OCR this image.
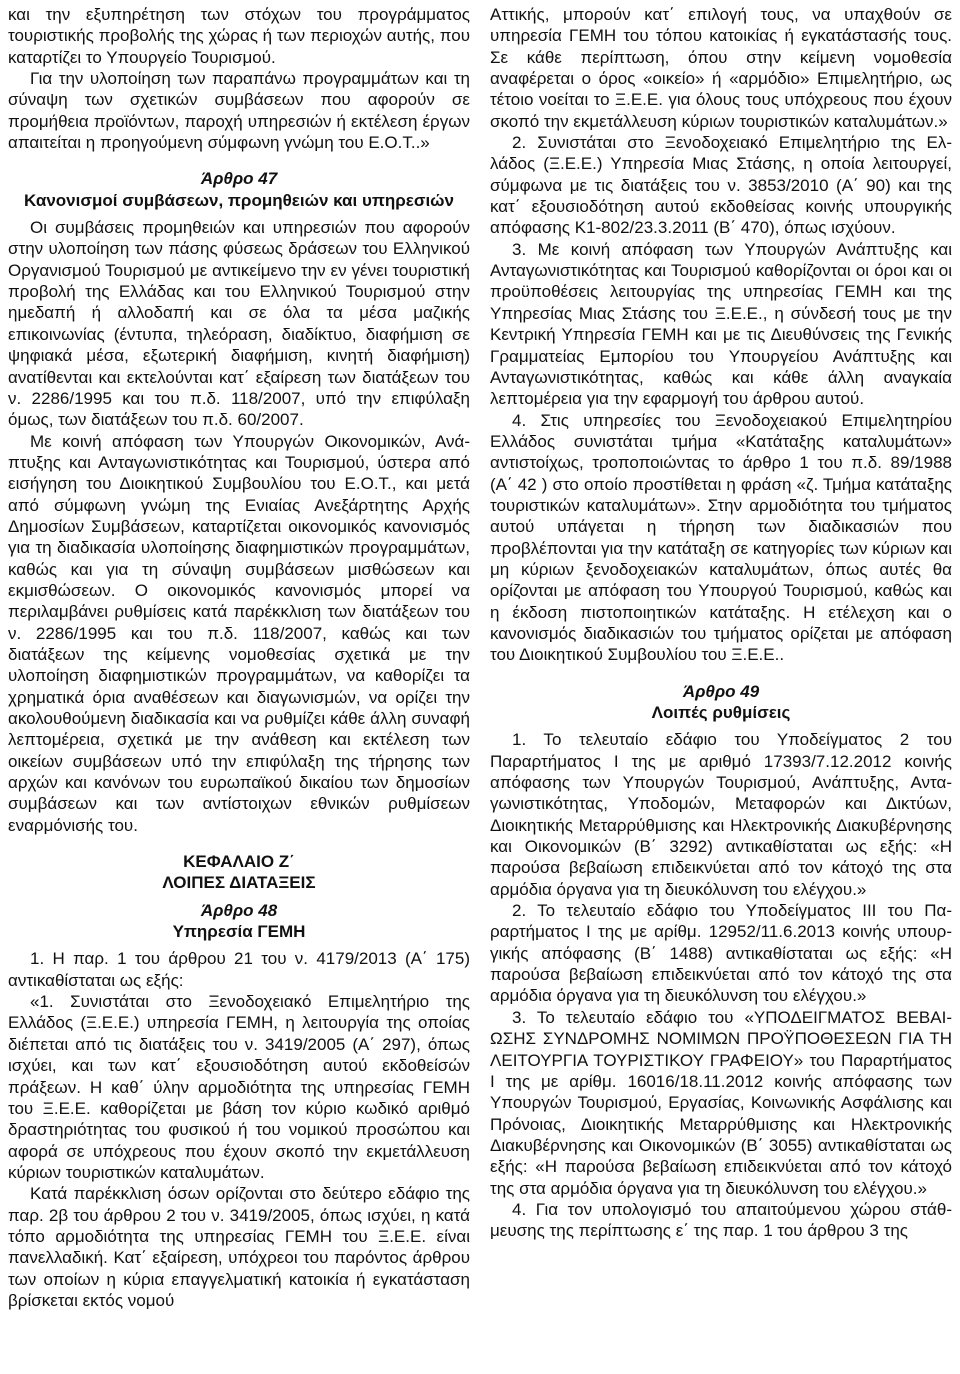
και την εξυπηρέτηση των στόχων του προγράμματος τουριστικής προβολής της χώρας ή των περιοχών αυτής, που καταρτίζει το Υπουργείο Τουρισμού.

Για την υλοποίηση των παραπάνω προγραμμάτων και τη σύναψη των σχετικών συμβάσεων που αφορούν σε προμήθεια προϊόντων, παροχή υπηρεσιών ή εκτέλεση έργων απαιτείται η προηγούμενη σύμφωνη γνώμη του Ε.Ο.Τ..»

Άρθρο 47
Κανονισμοί συμβάσεων, προμηθειών και υπηρεσιών

Οι συμβάσεις προμηθειών και υπηρεσιών που αφορούν στην υλοποίηση των πάσης φύσεως δράσεων του Ελληνικού Οργανισμού Τουρισμού με αντικείμενο την εν γένει τουριστική προβολή της Ελλάδας και του Ελληνικού Τουρισμού στην ημεδαπή ή αλλοδαπή και σε όλα τα μέσα μαζικής επικοινωνίας (έντυπα, τηλεόραση, διαδίκτυο, διαφήμιση σε ψηφιακά μέσα, εξωτερική διαφήμιση, κινητή διαφήμιση) ανατίθενται και εκτελούνται κατ΄ εξαίρεση των διατάξεων του ν. 2286/1995 και του π.δ. 118/2007, υπό την επιφύλαξη όμως, των διατάξεων του π.δ. 60/2007.

Με κοινή απόφαση των Υπουργών Οικονομικών, Ανάπτυξης και Ανταγωνιστικότητας και Τουρισμού, ύστερα από εισήγηση του Διοικητικού Συμβουλίου του Ε.Ο.Τ., και μετά από σύμφωνη γνώμη της Ενιαίας Ανεξάρτητης Αρχής Δημοσίων Συμβάσεων, καταρτίζεται οικονομικός κανονισμός για τη διαδικασία υλοποίησης διαφημιστικών προγραμμάτων, καθώς και για τη σύναψη συμβάσεων μισθώσεων και εκμισθώσεων. Ο οικονομικός κανονισμός μπορεί να περιλαμβάνει ρυθμίσεις κατά παρέκκλιση των διατάξεων του ν. 2286/1995 και του π.δ. 118/2007, καθώς και των διατάξεων της κείμενης νομοθεσίας σχετικά με την υλοποίηση διαφημιστικών προγραμμάτων, να καθορίζει τα χρηματικά όρια αναθέσεων και διαγωνισμών, να ορίζει την ακολουθούμενη διαδικασία και να ρυθμίζει κάθε άλλη συναφή λεπτομέρεια, σχετικά με την ανάθεση και εκτέλεση των οικείων συμβάσεων υπό την επιφύλαξη της τήρησης των αρχών και κανόνων του ευρωπαϊκού δικαίου των δημοσίων συμβάσεων και των αντίστοιχων εθνικών ρυθμίσεων εναρμόνισής του.

ΚΕΦΑΛΑΙΟ Ζ΄
ΛΟΙΠΕΣ ΔΙΑΤΑΞΕΙΣ
Άρθρο 48
Υπηρεσία ΓΕΜΗ

1. Η παρ. 1 του άρθρου 21 του ν. 4179/2013 (Α΄ 175) αντικαθίσταται ως εξής:

«1. Συνιστάται στο Ξενοδοχειακό Επιμελητήριο της Ελλάδος (Ξ.Ε.Ε.) υπηρεσία ΓΕΜΗ, η λειτουργία της οποίας διέπεται από τις διατάξεις του ν. 3419/2005 (Α΄ 297), όπως ισχύει, και των κατ΄ εξουσιοδότηση αυτού εκδοθείσών πράξεων. Η καθ΄ ύλην αρμοδιότητα της υπηρεσίας ΓΕΜΗ του Ξ.Ε.Ε. καθορίζεται με βάση τον κύριο κωδικό αριθμό δραστηριότητας του φυσικού ή του νομικού προσώπου και αφορά σε υπόχρεους που έχουν σκοπό την εκμετάλλευση κύριων τουριστικών καταλυμάτων.

Κατά παρέκκλιση όσων ορίζονται στο δεύτερο εδάφιο της παρ. 2β του άρθρου 2 του ν. 3419/2005, όπως ισχύει, η κατά τόπο αρμοδιότητα της υπηρεσίας ΓΕΜΗ του Ξ.Ε.Ε. είναι πανελλαδική. Κατ΄ εξαίρεση, υπόχρεοι του παρόντος άρθρου των οποίων η κύρια επαγγελματική κατοικία ή εγκατάσταση βρίσκεται εκτός νομού

Αττικής, μπορούν κατ΄ επιλογή τους, να υπαχθούν σε υπηρεσία ΓΕΜΗ του τόπου κατοικίας ή εγκατάστασής τους. Σε κάθε περίπτωση, όπου στην κείμενη νομοθεσία αναφέρεται ο όρος «οικείο» ή «αρμόδιο» Επιμελητήριο, ως τέτοιο νοείται το Ξ.Ε.Ε. για όλους τους υπόχρεους που έχουν σκοπό την εκμετάλλευση κύριων τουριστικών καταλυμάτων.»

2. Συνιστάται στο Ξενοδοχειακό Επιμελητήριο της Ελλάδος (Ξ.Ε.Ε.) Υπηρεσία Μιας Στάσης, η οποία λειτουργεί, σύμφωνα με τις διατάξεις του ν. 3853/2010 (Α΄ 90) και της κατ΄ εξουσιοδότηση αυτού εκδοθείσας κοινής υπουργικής απόφασης Κ1-802/23.3.2011 (Β΄ 470), όπως ισχύουν.

3. Με κοινή απόφαση των Υπουργών Ανάπτυξης και Ανταγωνιστικότητας και Τουρισμού καθορίζονται οι όροι και οι προϋποθέσεις λειτουργίας της υπηρεσίας ΓΕΜΗ και της Υπηρεσίας Μιας Στάσης του Ξ.Ε.Ε., η σύνδεσή τους με την Κεντρική Υπηρεσία ΓΕΜΗ και με τις Διευθύνσεις της Γενικής Γραμματείας Εμπορίου του Υπουργείου Ανάπτυξης και Ανταγωνιστικότητας, καθώς και κάθε άλλη αναγκαία λεπτομέρεια για την εφαρμογή του άρθρου αυτού.

4. Στις υπηρεσίες του Ξενοδοχειακού Επιμελητηρίου Ελλάδος συνιστάται τμήμα «Κατάταξης καταλυμάτων» αντιστοίχως, τροποποιώντας το άρθρο 1 του π.δ. 89/1988 (Α΄ 42 ) στο οποίο προστίθεται η φράση «ζ. Τμήμα κατάταξης τουριστικών καταλυμάτων». Στην αρμοδιότητα του τμήματος αυτού υπάγεται η τήρηση των διαδικασιών που προβλέπονται για την κατάταξη σε κατηγορίες των κύριων και μη κύριων ξενοδοχειακών καταλυμάτων, όπως αυτές θα ορίζονται με απόφαση του Υπουργού Τουρισμού, καθώς και η έκδοση πιστοποιητικών κατάταξης. Η ετέλεχση και ο κανονισμός διαδικασιών του τμήματος ορίζεται με απόφαση του Διοικητικού Συμβουλίου του Ξ.Ε.Ε..

Άρθρο 49
Λοιπές ρυθμίσεις

1. Το τελευταίο εδάφιο του Υποδείγματος 2 του Παραρτήματος I της με αριθμό 17393/7.12.2012 κοινής απόφασης των Υπουργών Τουρισμού, Ανάπτυξης, Ανταγωνιστικότητας, Υποδομών, Μεταφορών και Δικτύων, Διοικητικής Μεταρρύθμισης και Ηλεκτρονικής Διακυβέρνησης και Οικονομικών (Β΄ 3292) αντικαθίσταται ως εξής: «Η παρούσα βεβαίωση επιδεικνύεται από τον κάτοχό της στα αρμόδια όργανα για τη διευκόλυνση του ελέγχου.»

2. Το τελευταίο εδάφιο του Υποδείγματος ΙΙΙ του Παραρτήματος I της με αρίθμ. 12952/11.6.2013 κοινής υπουργικής απόφασης (Β΄ 1488) αντικαθίσταται ως εξής: «Η παρούσα βεβαίωση επιδεικνύεται από τον κάτοχό της στα αρμόδια όργανα για τη διευκόλυνση του ελέγχου.»

3. Το τελευταίο εδάφιο του «ΥΠΟΔΕΙΓΜΑΤΟΣ ΒΕΒΑΙΩΣΗΣ ΣΥΝΔΡΟΜΗΣ ΝΟΜΙΜΩΝ ΠΡΟΫΠΟΘΕΣΕΩΝ ΓΙΑ ΤΗ ΛΕΙΤΟΥΡΓΙΑ ΤΟΥΡΙΣΤΙΚΟΥ ΓΡΑΦΕΙΟΥ» του Παραρτήματος I της με αρίθμ. 16016/18.11.2012 κοινής απόφασης των Υπουργών Τουρισμού, Εργασίας, Κοινωνικής Ασφάλισης και Πρόνοιας, Διοικητικής Μεταρρύθμισης και Ηλεκτρονικής Διακυβέρνησης και Οικονομικών (Β΄ 3055) αντικαθίσταται ως εξής: «Η παρούσα βεβαίωση επιδεικνύεται από τον κάτοχό της στα αρμόδια όργανα για τη διευκόλυνση του ελέγχου.»

4. Για τον υπολογισμό του απαιτούμενου χώρου στάθμευσης της περίπτωσης ε΄ της παρ. 1 του άρθρου 3 της
